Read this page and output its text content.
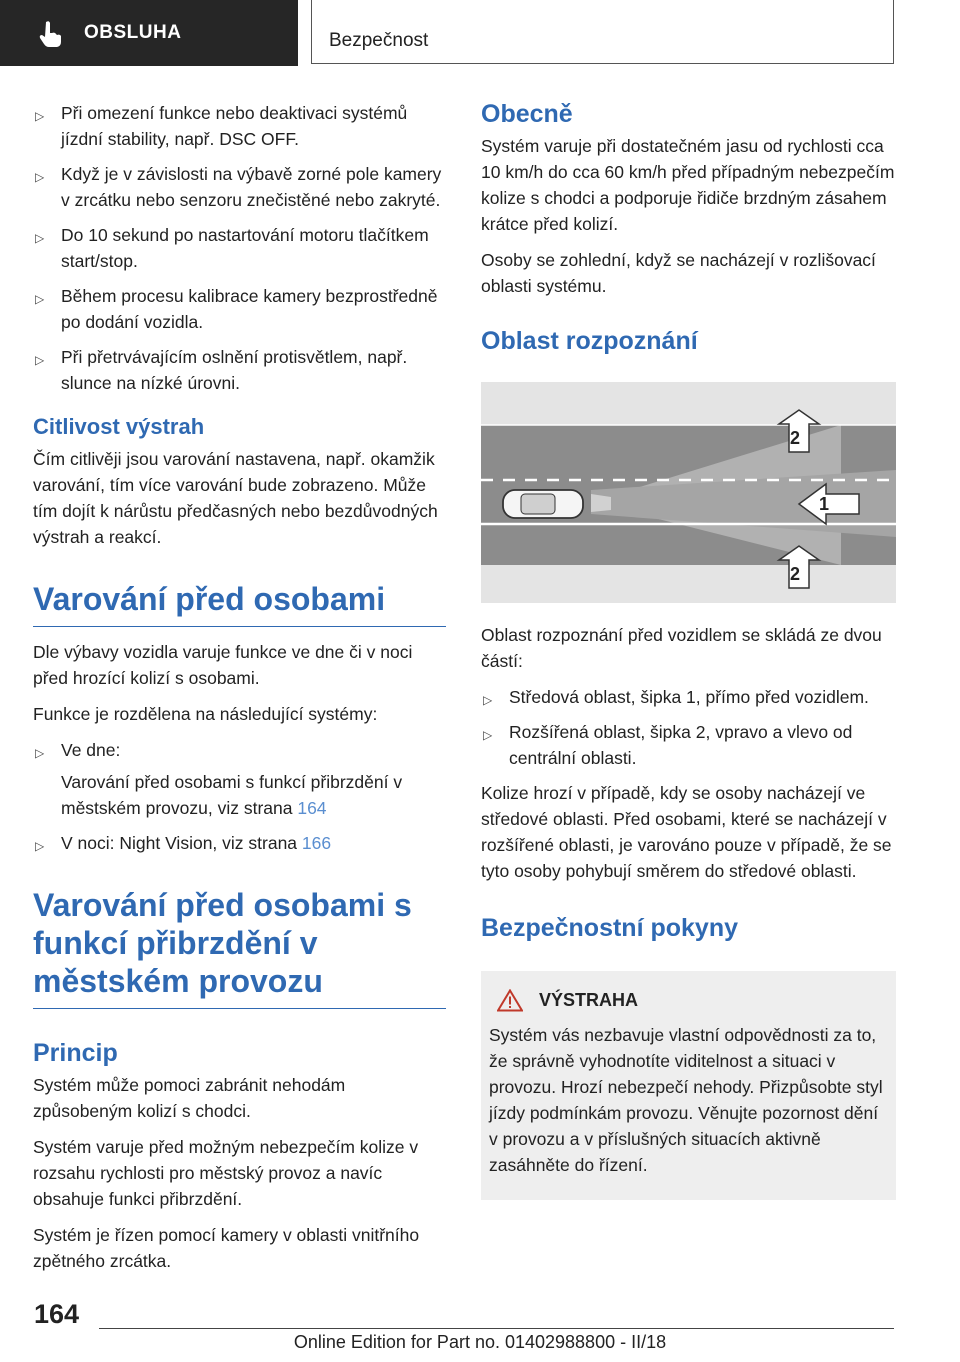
OBSLUHA	Bezpečnost
▷ Při omezení funkce nebo deaktivaci systémů jízdní stability, např. DSC OFF.
▷ Když je v závislosti na výbavě zorné pole kamery v zrcátku nebo senzoru znečistěné nebo zakryté.
▷ Do 10 sekund po nastartování motoru tlačítkem start/stop.
▷ Během procesu kalibrace kamery bezprostředně po dodání vozidla.
▷ Při přetrvávajícím oslnění protisvětlem, např. slunce na nízké úrovni.
Citlivost výstrah

Čím citlivěji jsou varování nastavena, např. okamžik varování, tím více varování bude zobrazeno. Může tím dojít k nárůstu předčasných nebo bezdůvodných výstrah a reakcí.

Varování před osobami

Dle výbavy vozidla varuje funkce ve dne či v noci před hrozící kolizí s osobami.

Funkce je rozdělena na následující systémy:

▷ Ve dne:
Varování před osobami s funkcí přibrzdění v městském provozu, viz strana 164
▷ V noci: Night Vision, viz strana 166
Varování před osobami s funkcí přibrzdění v městském provozu
Princip

Systém může pomoci zabránit nehodám způsobeným kolizí s chodci.

Systém varuje před možným nebezpečím kolize v rozsahu rychlosti pro městský provoz a navíc obsahuje funkci přibrzdění.

Systém je řízen pomocí kamery v oblasti vnitřního zpětného zrcátka.

Obecně

Systém varuje při dostatečném jasu od rychlosti cca 10 km/h do cca 60 km/h před případným nebezpečím kolize s chodci a podporuje řidiče brzdným zásahem krátce před kolizí.

Osoby se zohlední, když se nacházejí v rozlišovací oblasti systému.

Oblast rozpoznání
2
1
2

Oblast rozpoznání před vozidlem se skládá ze dvou částí:

▷ Středová oblast, šipka 1, přímo před vozidlem.
▷ Rozšířená oblast, šipka 2, vpravo a vlevo od centrální oblasti.

Kolize hrozí v případě, kdy se osoby nacházejí ve středové oblasti. Před osobami, které se nacházejí v rozšířené oblasti, je varováno pouze v případě, že se tyto osoby pohybují směrem do středové oblasti.

Bezpečnostní pokyny
VÝSTRAHA

Systém vás nezbavuje vlastní odpovědnosti za to, že správně vyhodnotíte viditelnost a situaci v provozu. Hrozí nebezpečí nehody. Přizpůsobte styl jízdy podmínkám provozu. Věnujte pozornost dění v provozu a v příslušných situacích aktivně zasáhněte do řízení.

164
Online Edition for Part no. 01402988800 - II/18
